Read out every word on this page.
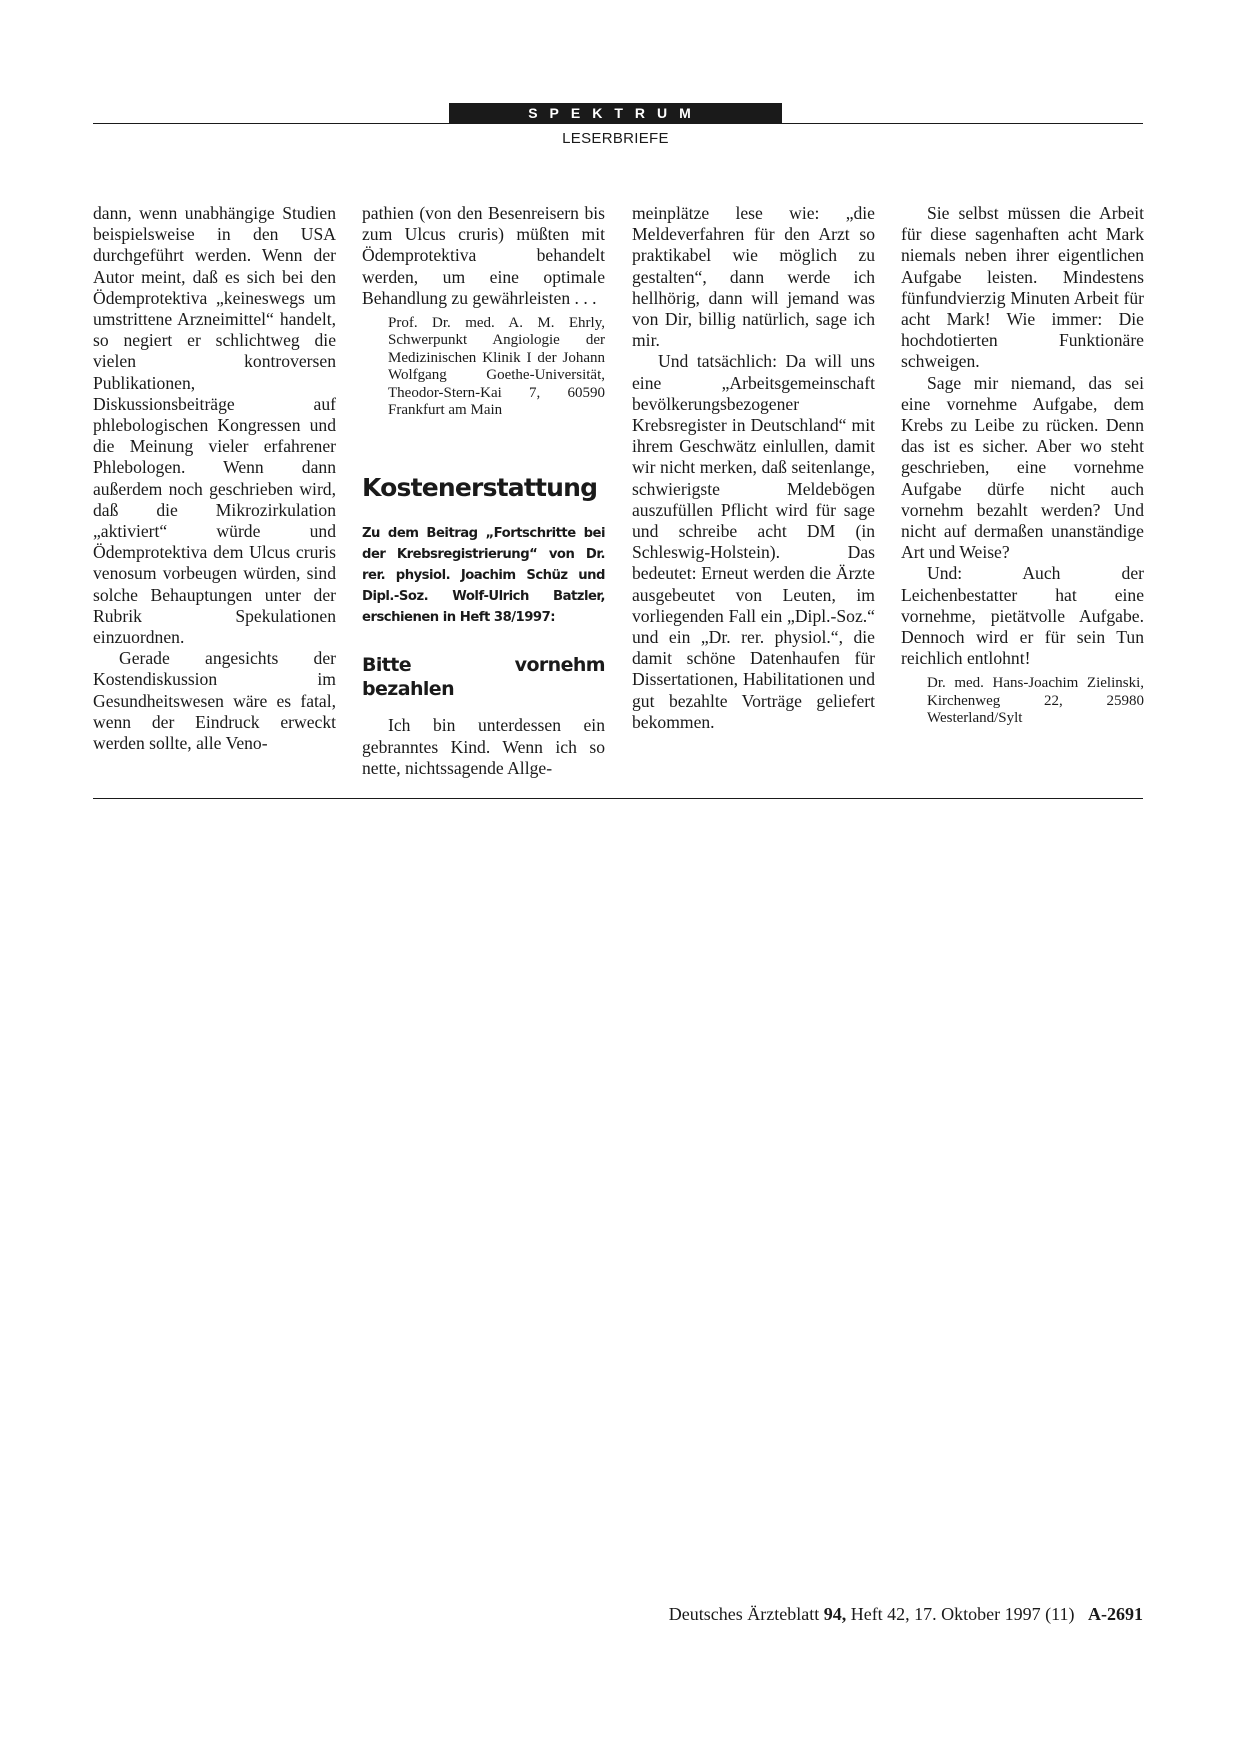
SPEKTRUM
LESERBRIEFE

dann, wenn unabhängige Studien beispielsweise in den USA durchgeführt werden. Wenn der Autor meint, daß es sich bei den Ödemprotektiva „keineswegs um umstrittene Arzneimittel“ handelt, so negiert er schlichtweg die vielen kontroversen Publikationen, Diskussionsbeiträge auf phlebologischen Kongressen und die Meinung vieler erfahrener Phlebologen. Wenn dann außerdem noch geschrieben wird, daß die Mikrozirkulation „aktiviert“ würde und Ödemprotektiva dem Ulcus cruris venosum vorbeugen würden, sind solche Behauptungen unter der Rubrik Spekulationen einzuordnen.

Gerade angesichts der Kostendiskussion im Gesundheitswesen wäre es fatal, wenn der Eindruck erweckt werden sollte, alle Veno-

pathien (von den Besenreisern bis zum Ulcus cruris) müßten mit Ödemprotektiva behandelt werden, um eine optimale Behandlung zu gewährleisten . . .

Prof. Dr. med. A. M. Ehrly, Schwerpunkt Angiologie der Medizinischen Klinik I der Johann Wolfgang Goethe-Universität, Theodor-Stern-Kai 7, 60590 Frankfurt am Main
Kostenerstattung

Zu dem Beitrag „Fortschritte bei der Krebsregistrierung“ von Dr. rer. physiol. Joachim Schüz und Dipl.-Soz. Wolf-Ulrich Batzler, erschienen in Heft 38/1997:

Bitte vornehm bezahlen

Ich bin unterdessen ein gebranntes Kind. Wenn ich so nette, nichtssagende Allge-

meinplätze lese wie: „die Meldeverfahren für den Arzt so praktikabel wie möglich zu gestalten“, dann werde ich hellhörig, dann will jemand was von Dir, billig natürlich, sage ich mir.

Und tatsächlich: Da will uns eine „Arbeitsgemeinschaft bevölkerungsbezogener Krebsregister in Deutschland“ mit ihrem Geschwätz einlullen, damit wir nicht merken, daß seitenlange, schwierigste Meldebögen auszufüllen Pflicht wird für sage und schreibe acht DM (in Schleswig-Holstein). Das bedeutet: Erneut werden die Ärzte ausgebeutet von Leuten, im vorliegenden Fall ein „Dipl.-Soz.“ und ein „Dr. rer. physiol.“, die damit schöne Datenhaufen für Dissertationen, Habilitationen und gut bezahlte Vorträge geliefert bekommen.

Sie selbst müssen die Arbeit für diese sagenhaften acht Mark niemals neben ihrer eigentlichen Aufgabe leisten. Mindestens fünfundvierzig Minuten Arbeit für acht Mark! Wie immer: Die hochdotierten Funktionäre schweigen.

Sage mir niemand, das sei eine vornehme Aufgabe, dem Krebs zu Leibe zu rücken. Denn das ist es sicher. Aber wo steht geschrieben, eine vornehme Aufgabe dürfe nicht auch vornehm bezahlt werden? Und nicht auf dermaßen unanständige Art und Weise?

Und: Auch der Leichenbestatter hat eine vornehme, pietätvolle Aufgabe. Dennoch wird er für sein Tun reichlich entlohnt!

Dr. med. Hans-Joachim Zielinski, Kirchenweg 22, 25980 Westerland/Sylt
Deutsches Ärzteblatt 94, Heft 42, 17. Oktober 1997 (11) A-2691
